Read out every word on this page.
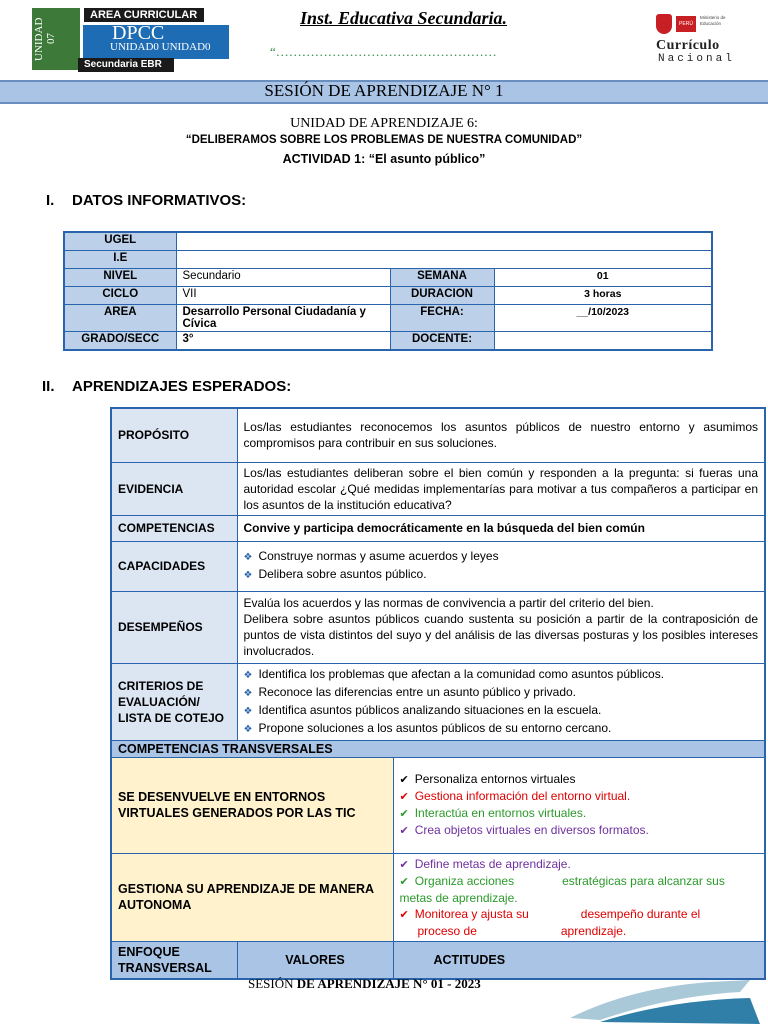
UNIDAD 07
AREA CURRICULAR
DPCC
UNIDAD0 UNIDAD0
Secundaria EBR
Inst. Educativa Secundaria.
“……………………………………………
PERÚ
Ministerio de Educación
Currículo
Nacional
SESIÓN DE APRENDIZAJE N° 1
UNIDAD DE APRENDIZAJE 6:
“DELIBERAMOS SOBRE LOS PROBLEMAS DE NUESTRA COMUNIDAD”
ACTIVIDAD 1: “El asunto público”
I. DATOS INFORMATIVOS:
UGEL			
I.E			
NIVEL	Secundario	SEMANA	01
CICLO	VII	DURACION	3 horas
AREA	Desarrollo Personal Ciudadanía y Cívica	FECHA:	__/10/2023
GRADO/SECC	3°	DOCENTE:	
II. APRENDIZAJES ESPERADOS:
PROPÓSITO	Los/las estudiantes reconocemos los asuntos públicos de nuestro entorno y asumimos compromisos para contribuir en sus soluciones.	
EVIDENCIA	Los/las estudiantes deliberan sobre el bien común y responden a la pregunta: si fueras una autoridad escolar ¿Qué medidas implementarías para motivar a tus compañeros a participar en los asuntos de la institución educativa?	
COMPETENCIAS	Convive y participa democráticamente en la búsqueda del bien común	
CAPACIDADES	❖ Construye normas y asume acuerdos y leyes
❖ Delibera sobre asuntos público.	

DESEMPEÑOS	Evalúa los acuerdos y las normas de convivencia a partir del criterio del bien.
Delibera sobre asuntos públicos cuando sustenta su posición a partir de la contraposición de puntos de vista distintos del suyo y del análisis de las diversas posturas y los posibles intereses involucrados.	

CRITERIOS DE EVALUACIÓN/ LISTA DE COTEJO	❖ Identifica los problemas que afectan a la comunidad como asuntos públicos.
❖ Reconoce las diferencias entre un asunto público y privado.
❖ Identifica asuntos públicos analizando situaciones en la escuela.
❖ Propone soluciones a los asuntos públicos de su entorno cercano.	

COMPETENCIAS TRANSVERSALES		
SE DESENVUELVE EN ENTORNOS VIRTUALES GENERADOS POR LAS TIC		✔ Personaliza entornos virtuales
✔ Gestiona información del entorno virtual.
✔ Interactúa en entornos virtuales.
✔ Crea objetos virtuales en diversos formatos.

GESTIONA SU APRENDIZAJE DE MANERA AUTONOMA		✔ Define metas de aprendizaje.
✔ Organiza acciones estratégicas para alcanzar sus metas de aprendizaje.
✔ Monitorea y ajusta su desempeño durante el
proceso de aprendizaje.

ENFOQUE TRANSVERSAL	VALORES	ACTITUDES
SESIÓN DE APRENDIZAJE N° 01 - 2023
